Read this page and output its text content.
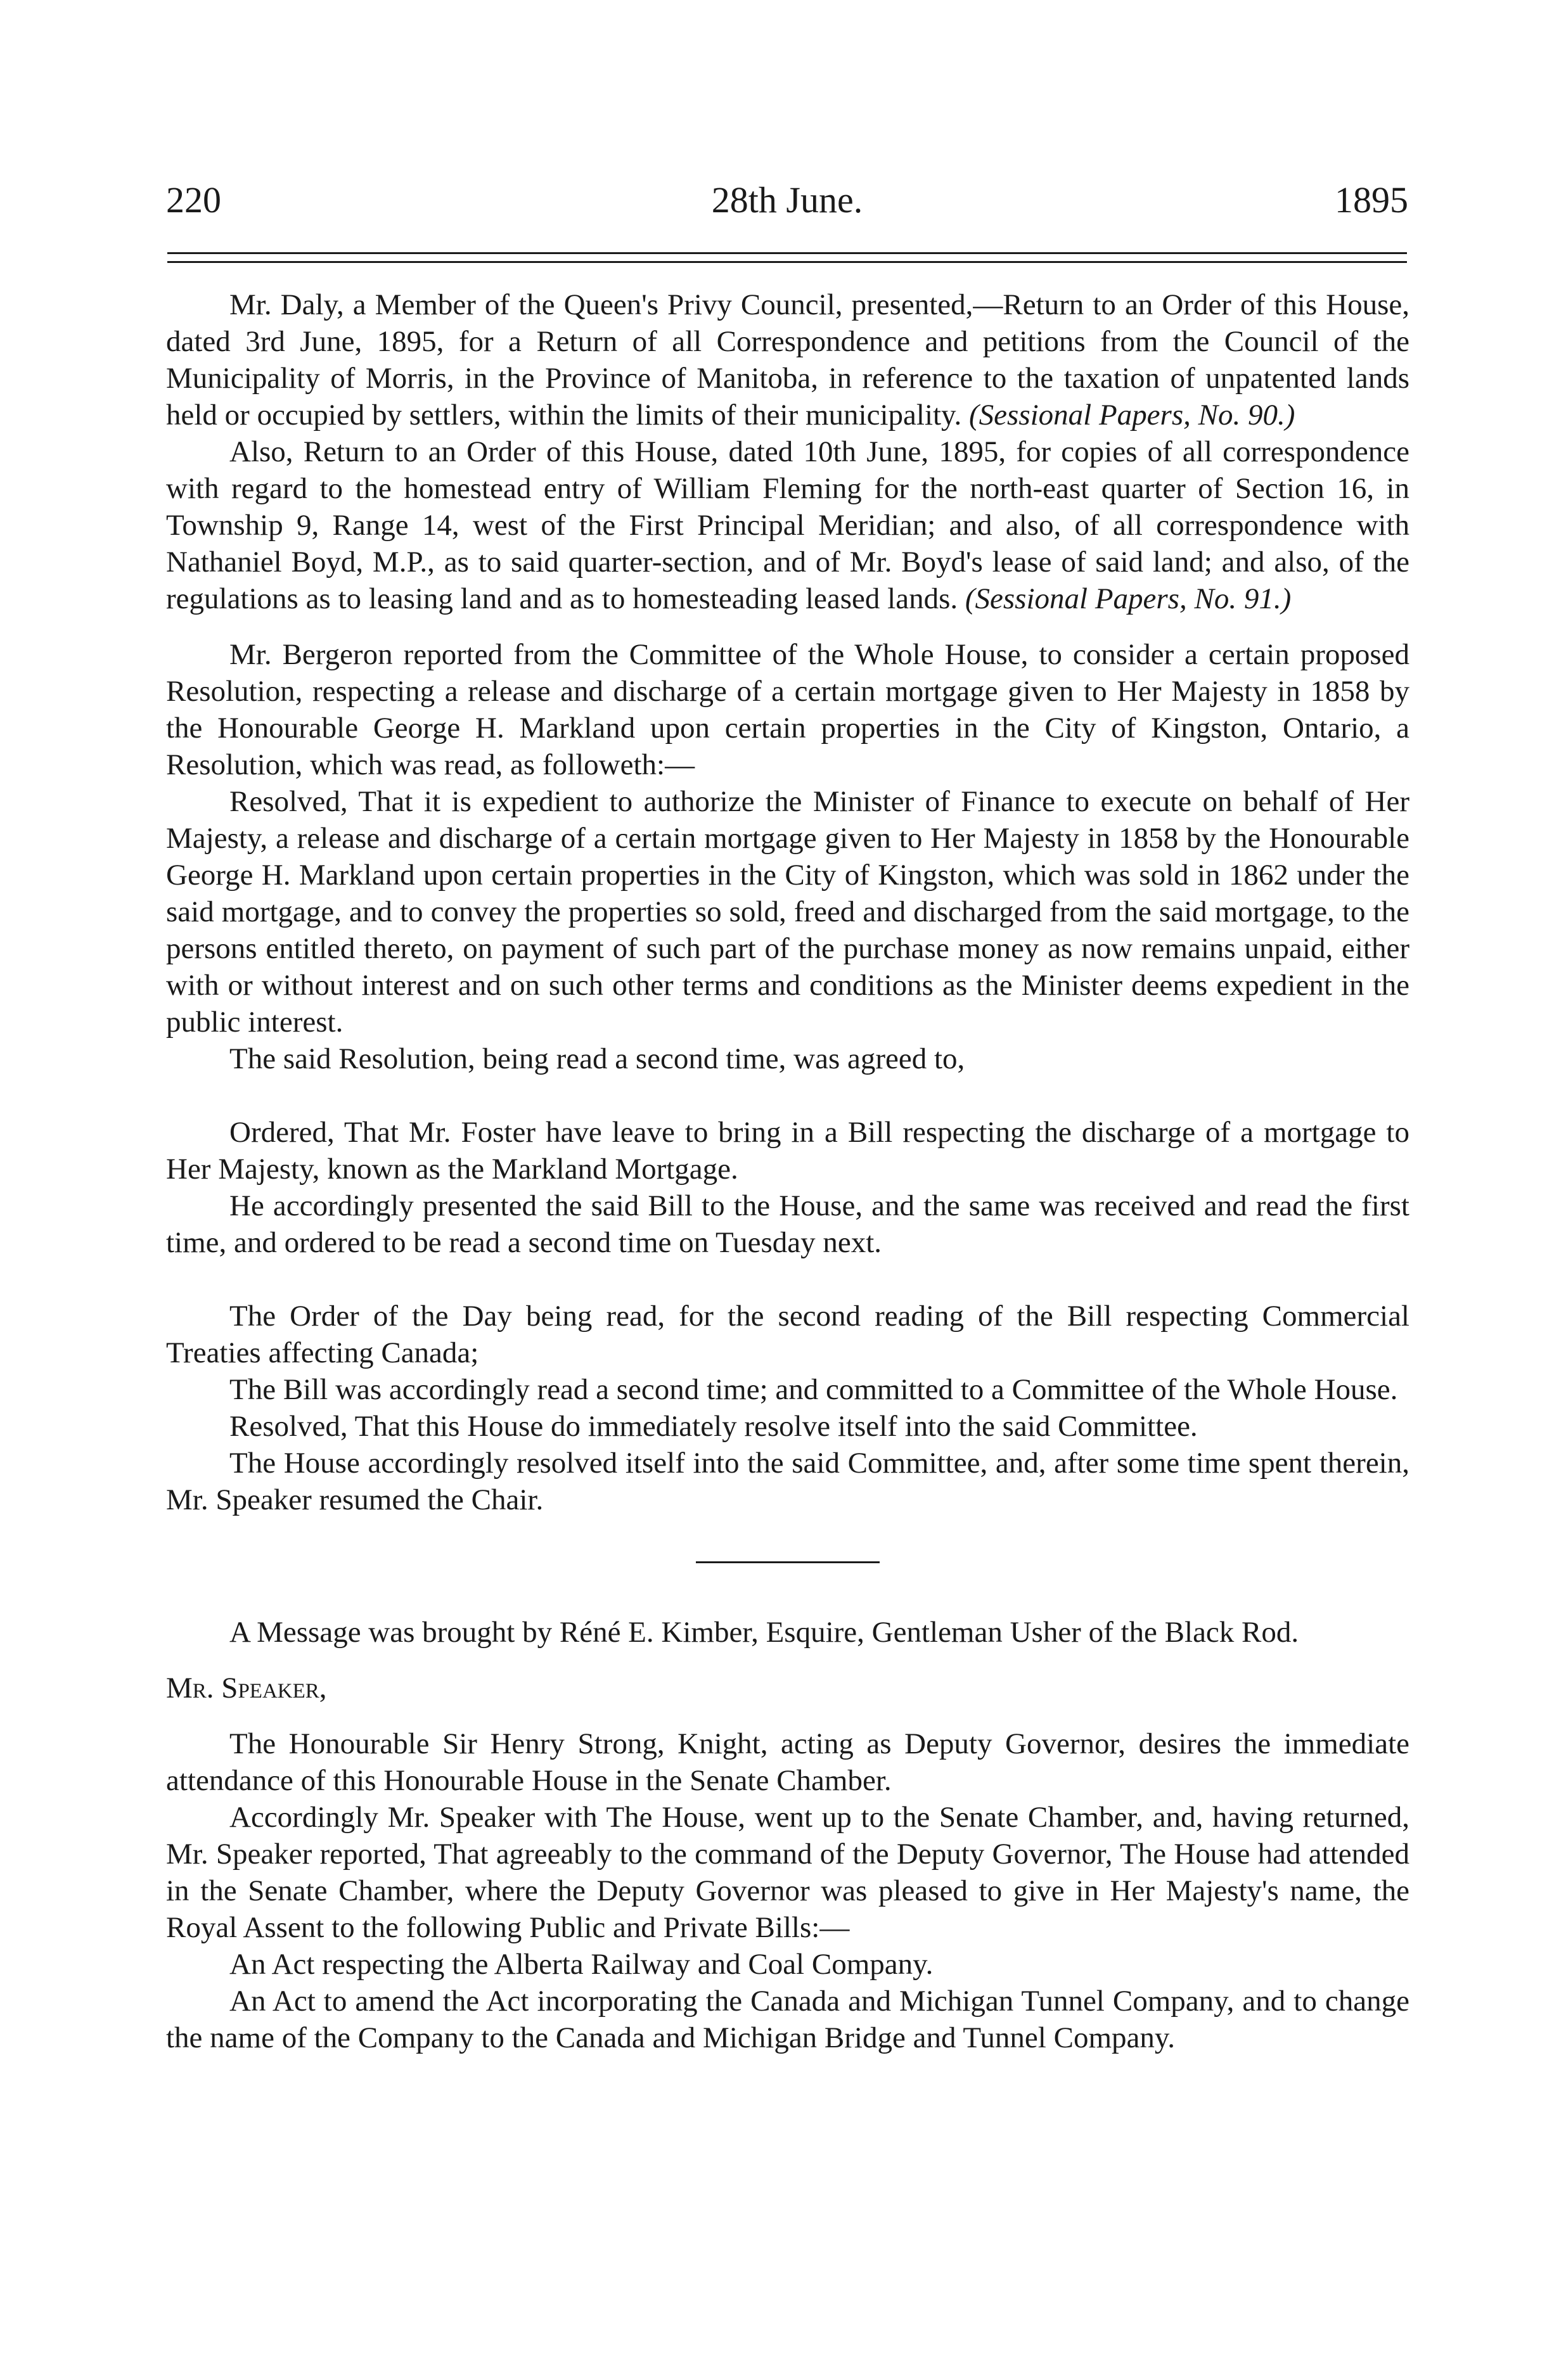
220	28th June.	1895

Mr. Daly, a Member of the Queen's Privy Council, presented,—Return to an Order of this House, dated 3rd June, 1895, for a Return of all Correspondence and petitions from the Council of the Municipality of Morris, in the Province of Manitoba, in reference to the taxation of unpatented lands held or occupied by settlers, within the limits of their municipality. (Sessional Papers, No. 90.)

Also, Return to an Order of this House, dated 10th June, 1895, for copies of all correspondence with regard to the homestead entry of William Fleming for the north-east quarter of Section 16, in Township 9, Range 14, west of the First Principal Meridian; and also, of all correspondence with Nathaniel Boyd, M.P., as to said quarter-section, and of Mr. Boyd's lease of said land; and also, of the regulations as to leasing land and as to homesteading leased lands. (Sessional Papers, No. 91.)

Mr. Bergeron reported from the Committee of the Whole House, to consider a certain proposed Resolution, respecting a release and discharge of a certain mortgage given to Her Majesty in 1858 by the Honourable George H. Markland upon certain properties in the City of Kingston, Ontario, a Resolution, which was read, as followeth:—

Resolved, That it is expedient to authorize the Minister of Finance to execute on behalf of Her Majesty, a release and discharge of a certain mortgage given to Her Majesty in 1858 by the Honourable George H. Markland upon certain properties in the City of Kingston, which was sold in 1862 under the said mortgage, and to convey the properties so sold, freed and discharged from the said mortgage, to the persons entitled thereto, on payment of such part of the purchase money as now remains unpaid, either with or without interest and on such other terms and conditions as the Minister deems expedient in the public interest.

The said Resolution, being read a second time, was agreed to,

Ordered, That Mr. Foster have leave to bring in a Bill respecting the discharge of a mortgage to Her Majesty, known as the Markland Mortgage.

He accordingly presented the said Bill to the House, and the same was received and read the first time, and ordered to be read a second time on Tuesday next.

The Order of the Day being read, for the second reading of the Bill respecting Commercial Treaties affecting Canada;

The Bill was accordingly read a second time; and committed to a Committee of the Whole House.

Resolved, That this House do immediately resolve itself into the said Committee.

The House accordingly resolved itself into the said Committee, and, after some time spent therein, Mr. Speaker resumed the Chair.

A Message was brought by Réné E. Kimber, Esquire, Gentleman Usher of the Black Rod.

Mr. Speaker,

The Honourable Sir Henry Strong, Knight, acting as Deputy Governor, desires the immediate attendance of this Honourable House in the Senate Chamber.

Accordingly Mr. Speaker with The House, went up to the Senate Chamber, and, having returned, Mr. Speaker reported, That agreeably to the command of the Deputy Governor, The House had attended in the Senate Chamber, where the Deputy Governor was pleased to give in Her Majesty's name, the Royal Assent to the following Public and Private Bills:—

An Act respecting the Alberta Railway and Coal Company.

An Act to amend the Act incorporating the Canada and Michigan Tunnel Company, and to change the name of the Company to the Canada and Michigan Bridge and Tunnel Company.
